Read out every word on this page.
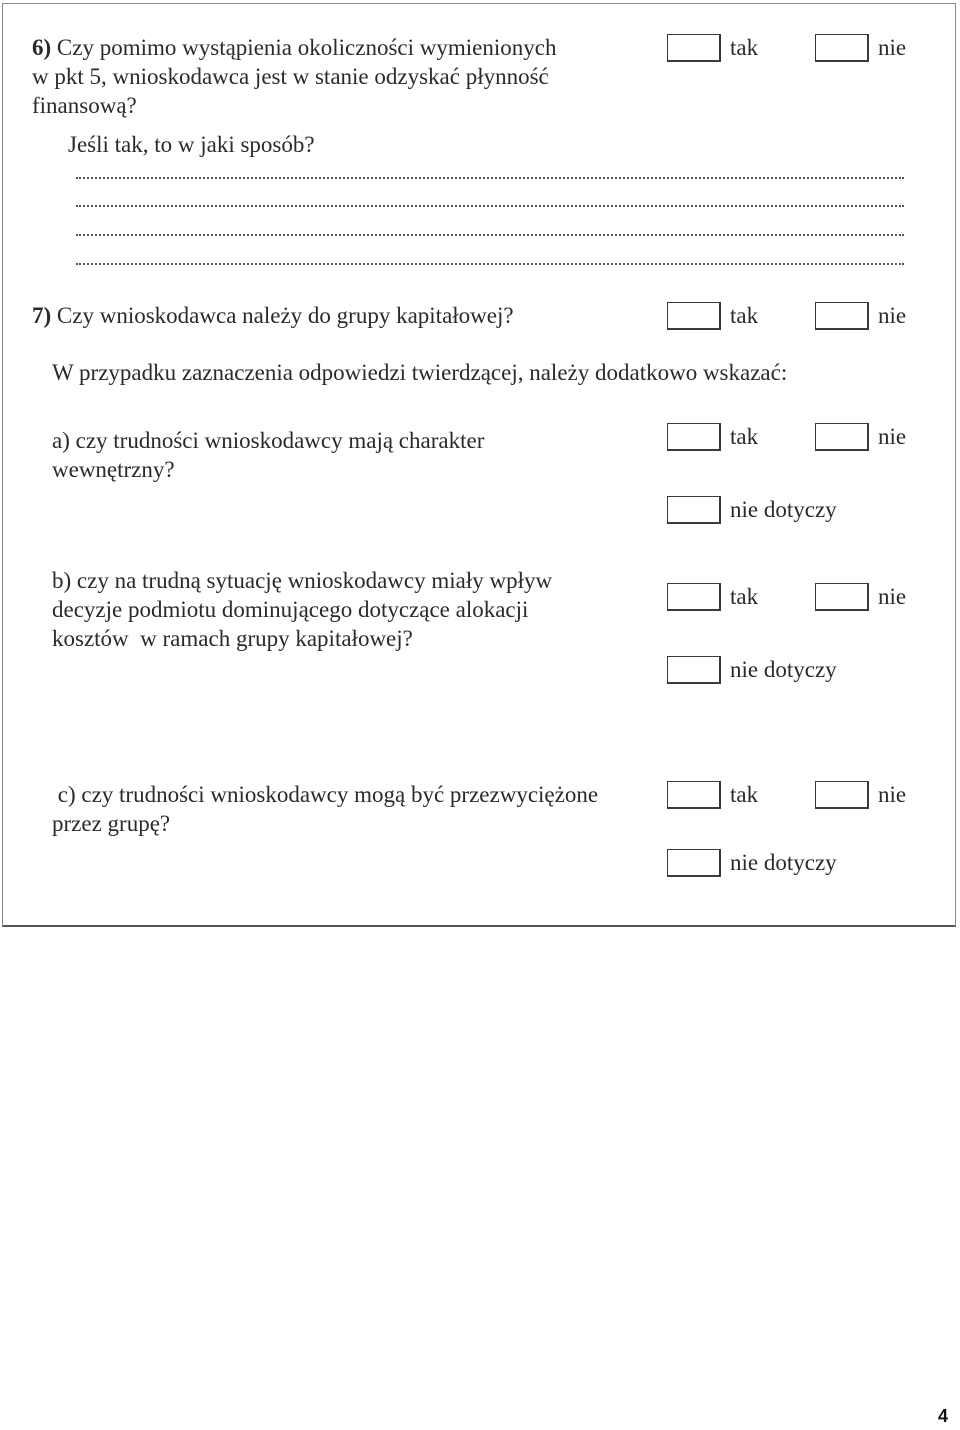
6) Czy pomimo wystąpienia okoliczności wymienionych
w pkt 5, wnioskodawca jest w stanie odzyskać płynność
finansową?
tak	nie
Jeśli tak, to w jaki sposób?
7) Czy wnioskodawca należy do grupy kapitałowej?	tak	nie
W przypadku zaznaczenia odpowiedzi twierdzącej, należy dodatkowo wskazać:
a) czy trudności wnioskodawcy mają charakter
wewnętrzny?
tak	nie
nie dotyczy
b) czy na trudną sytuację wnioskodawcy miały wpływ
decyzje podmiotu dominującego dotyczące alokacji
kosztów  w ramach grupy kapitałowej?
tak	nie
nie dotyczy
c) czy trudności wnioskodawcy mogą być przezwyciężone
przez grupę?
tak	nie
nie dotyczy
4
